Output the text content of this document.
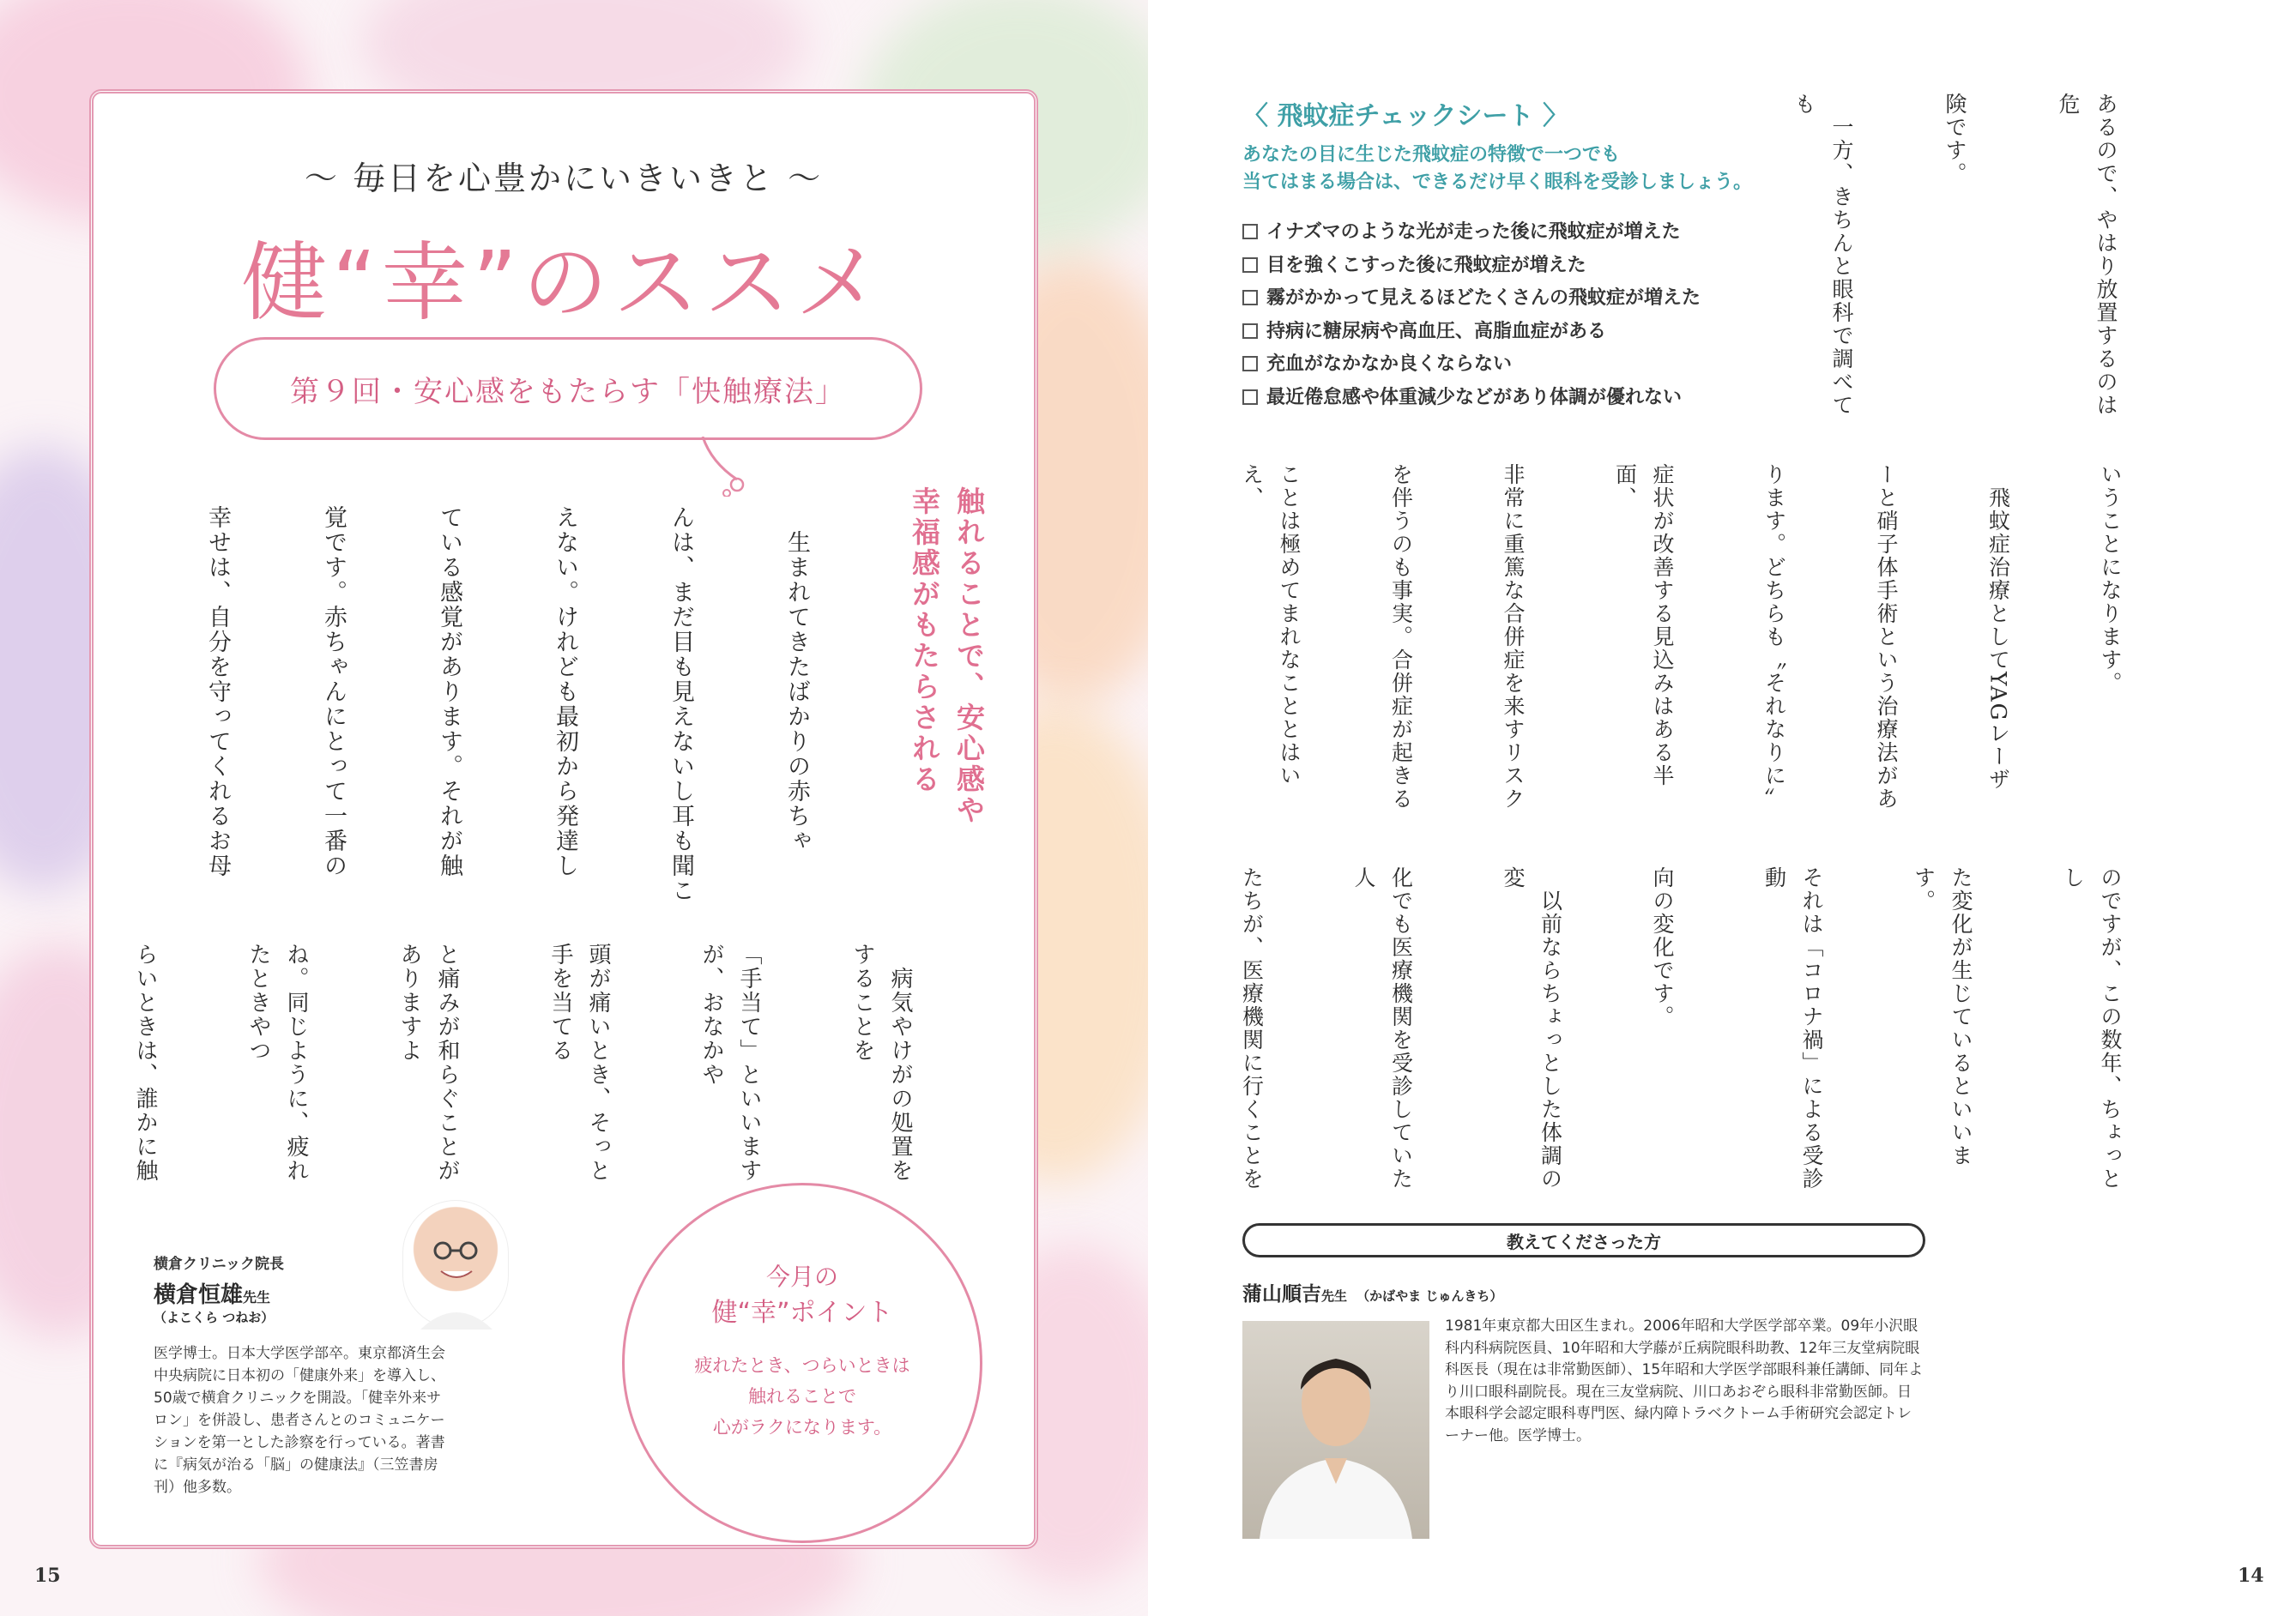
〜 毎日を心豊かにいきいきと 〜
健“幸”のススメ
第９回・安心感をもたらす「快触療法」
触れることで、安心感や
幸福感がもたらされる

　生まれてきたばかりの赤ちゃ

んは、まだ目も見えないし耳も聞こ

えない。けれども最初から発達し

ている感覚があります。それが触

覚です。赤ちゃんにとって一番の

幸せは、自分を守ってくれるお母

　病気やけがの処置をすることを

「手当て」といいますが、おなかや

頭が痛いとき、そっと手を当てる

と痛みが和らぐことがありますよ

ね。同じように、疲れたときやつ

らいときは、誰かに触

今月の
健“幸”ポイント
疲れたとき、つらいときは
触れることで
心がラクになります。
横倉クリニック院長
横倉恒雄先生
（よこくら つねお）
医学博士。日本大学医学部卒。東京都済生会中央病院に日本初の「健康外来」を導入し、50歳で横倉クリニックを開設。「健幸外来サロン」を併設し、患者さんとのコミュニケーションを第一とした診察を行っている。著書に『病気が治る「脳」の健康法』（三笠書房 刊）他多数。
15
〈 飛蚊症チェックシート 〉
あなたの目に生じた飛蚊症の特徴で一つでも
当てはまる場合は、できるだけ早く眼科を受診しましょう。
イナズマのような光が走った後に飛蚊症が増えた
目を強くこすった後に飛蚊症が増えた
霧がかかって見えるほどたくさんの飛蚊症が増えた
持病に糖尿病や高血圧、高脂血症がある
充血がなかなか良くならない
最近倦怠感や体重減少などがあり体調が優れない

	あるので、やはり放置するのは危

険です。

　一方、きちんと眼科で調べても

いうことになります。

　飛蚊症治療としてYAGレーザ

ーと硝子体手術という治療法があ

ります。どちらも〝それなりに〟

症状が改善する見込みはある半面、

非常に重篤な合併症を来すリスク

を伴うのも事実。合併症が起きる

ことは極めてまれなこととはいえ、

のですが、この数年、ちょっとし

た変化が生じているといいます。

それは「コロナ禍」による受診動

向の変化です。

　以前ならちょっとした体調の変

化でも医療機関を受診していた人

たちが、医療機関に行くことを

教えてくださった方
蒲山順吉先生 （かばやま じゅんきち）
1981年東京都大田区生まれ。2006年昭和大学医学部卒業。09年小沢眼科内科病院医員、10年昭和大学藤が丘病院眼科助教、12年三友堂病院眼科医長（現在は非常勤医師）、15年昭和大学医学部眼科兼任講師、同年より川口眼科副院長。現在三友堂病院、川口あおぞら眼科非常勤医師。日本眼科学会認定眼科専門医、緑内障トラベクトーム手術研究会認定トレーナー他。医学博士。
14
